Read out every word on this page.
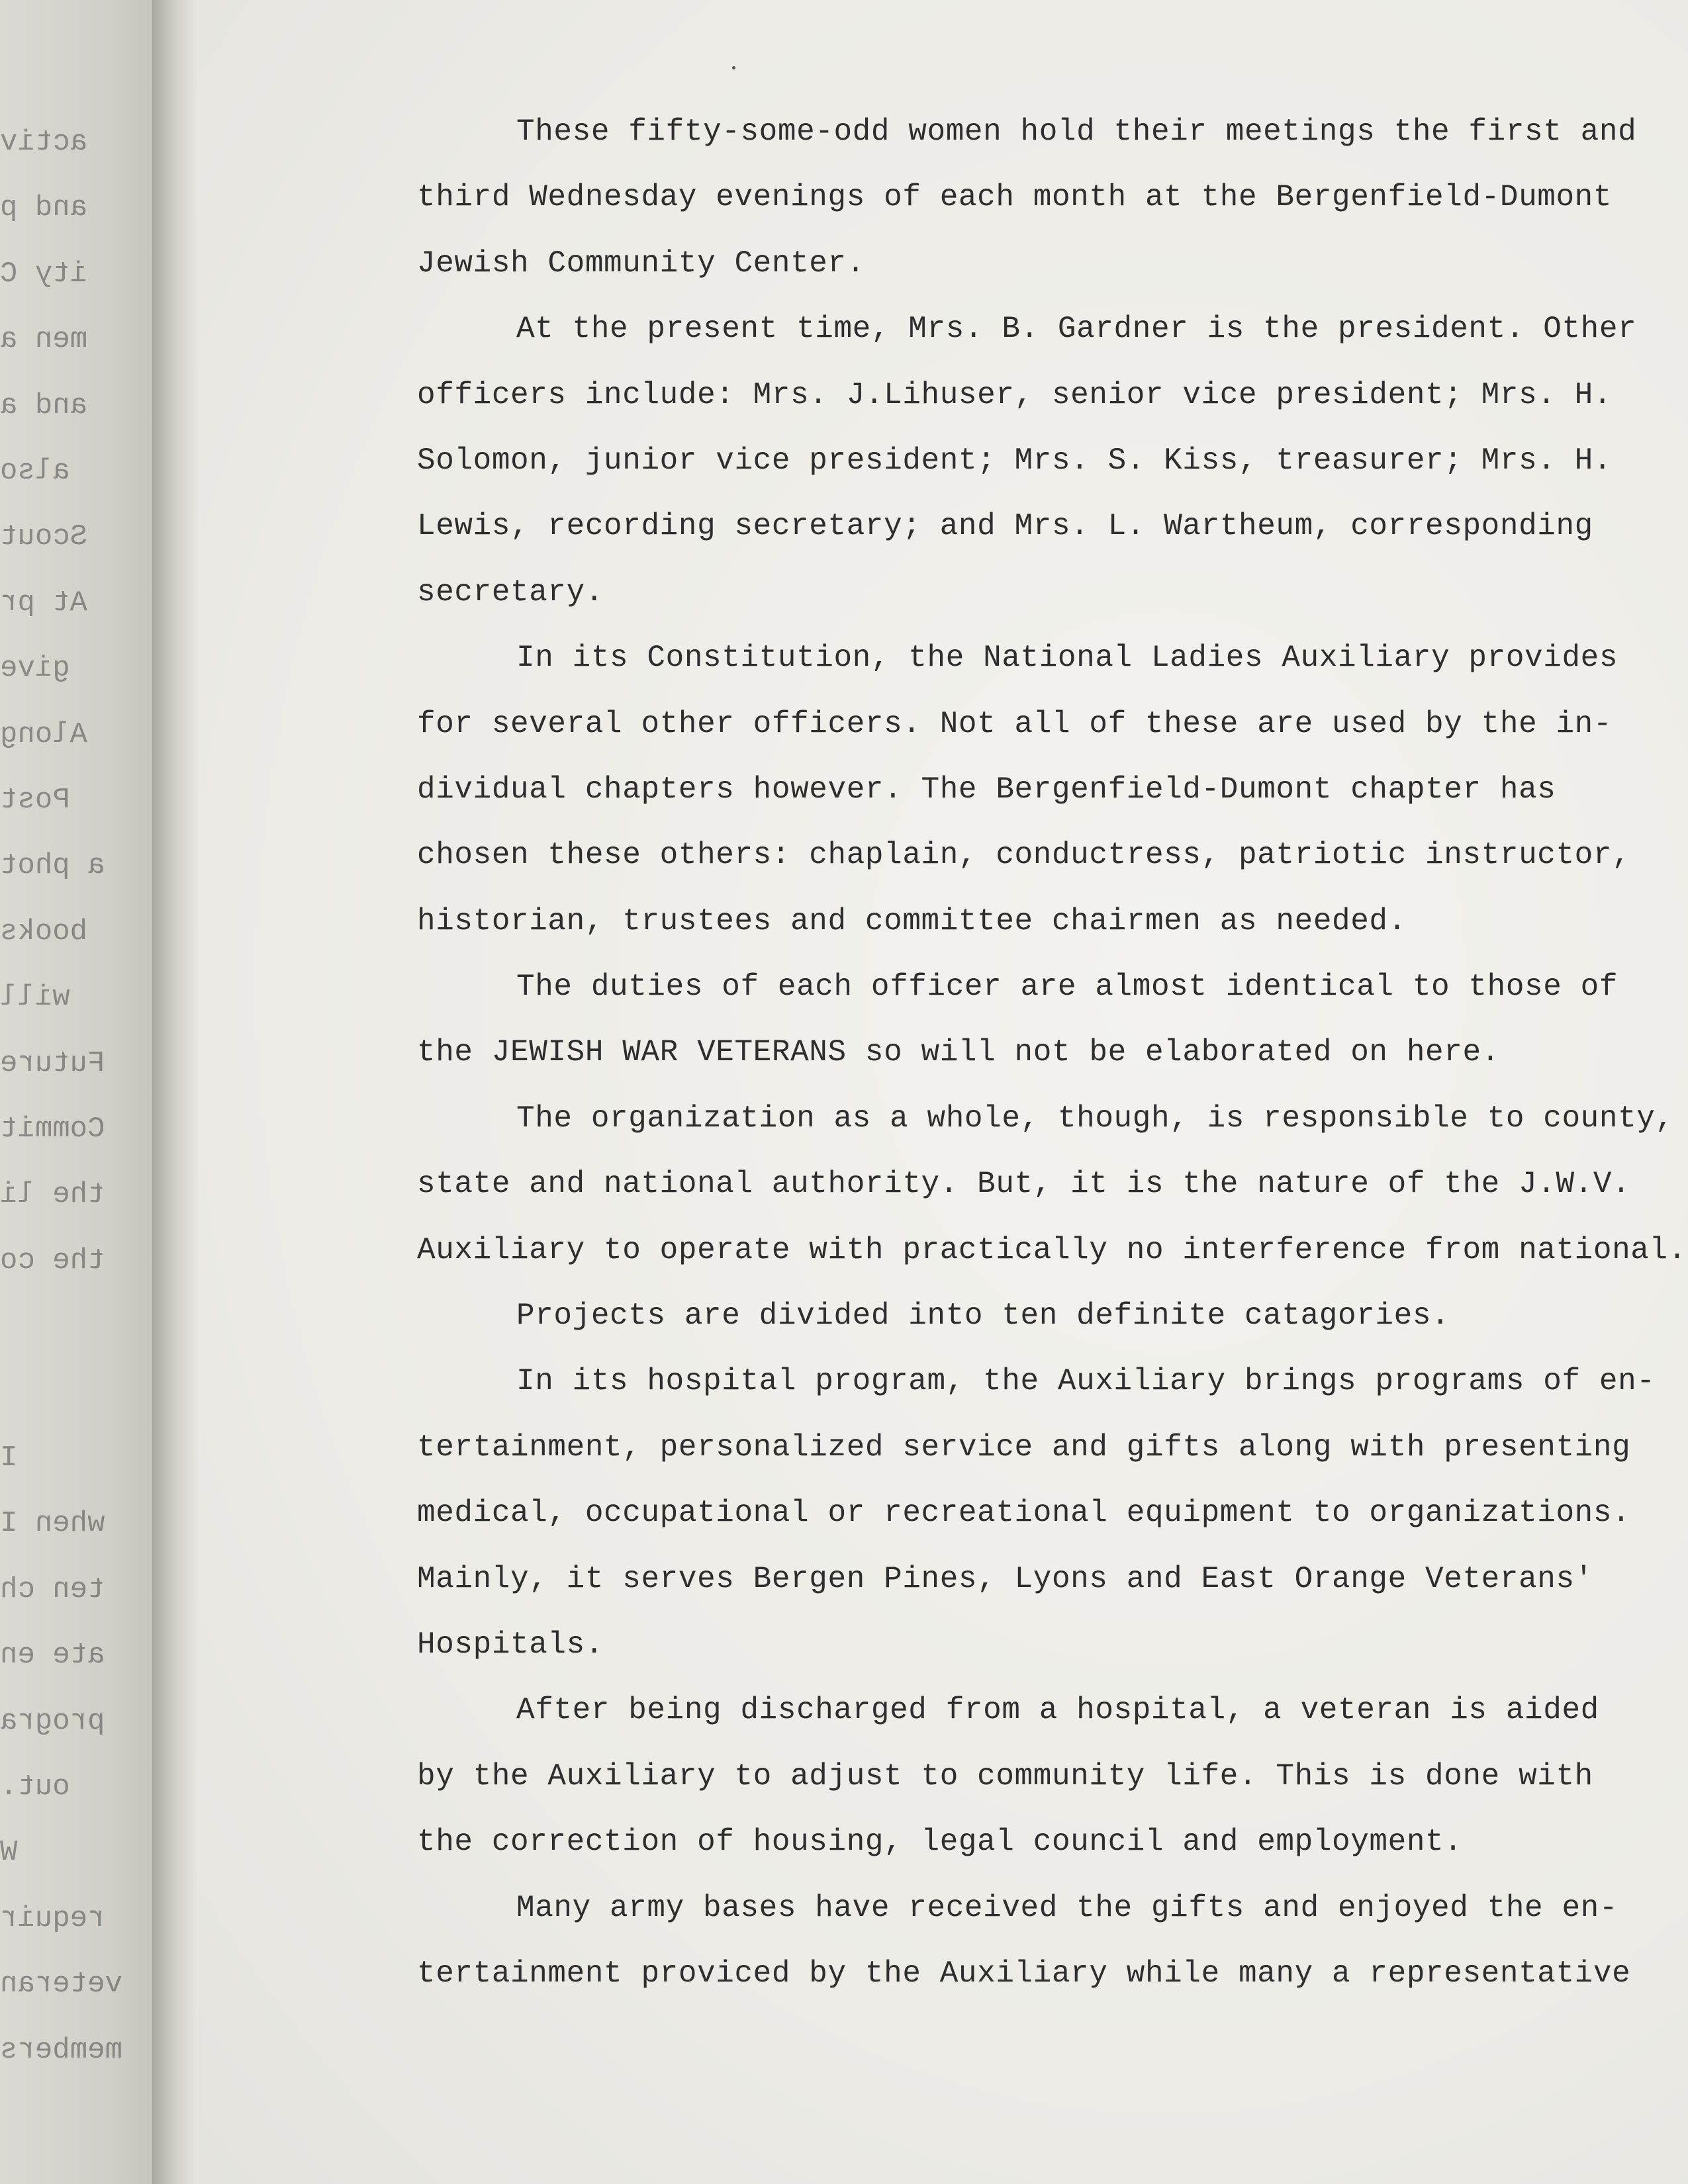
activ
and p
ity C
men a
and a
also
Scout
At pr
give
Along
Post
a phot
books
will
Future
Commit
the li
the co
I
when I
ten ch
ate en
progra
out.
W
requir
veteran
members
These fifty-some-odd women hold their meetings the first and
third Wednesday evenings of each month at the Bergenfield-Dumont
Jewish Community Center.
At the present time, Mrs. B. Gardner is the president. Other
officers include: Mrs. J.Lihuser, senior vice president; Mrs. H.
Solomon, junior vice president; Mrs. S. Kiss, treasurer; Mrs. H.
Lewis, recording secretary; and Mrs. L. Wartheum, corresponding
secretary.
In its Constitution, the National Ladies Auxiliary provides
for several other officers. Not all of these are used by the in-
dividual chapters however. The Bergenfield-Dumont chapter has
chosen these others: chaplain, conductress, patriotic instructor,
historian, trustees and committee chairmen as needed.
The duties of each officer are almost identical to those of
the JEWISH WAR VETERANS so will not be elaborated on here.
The organization as a whole, though, is responsible to county,
state and national authority. But, it is the nature of the J.W.V.
Auxiliary to operate with practically no interference from national.
Projects are divided into ten definite catagories.
In its hospital program, the Auxiliary brings programs of en-
tertainment, personalized service and gifts along with presenting
medical, occupational or recreational equipment to organizations.
Mainly, it serves Bergen Pines, Lyons and East Orange Veterans'
Hospitals.
After being discharged from a hospital, a veteran is aided
by the Auxiliary to adjust to community life. This is done with
the correction of housing, legal council and employment.
Many army bases have received the gifts and enjoyed the en-
tertainment proviced by the Auxiliary while many a representative
